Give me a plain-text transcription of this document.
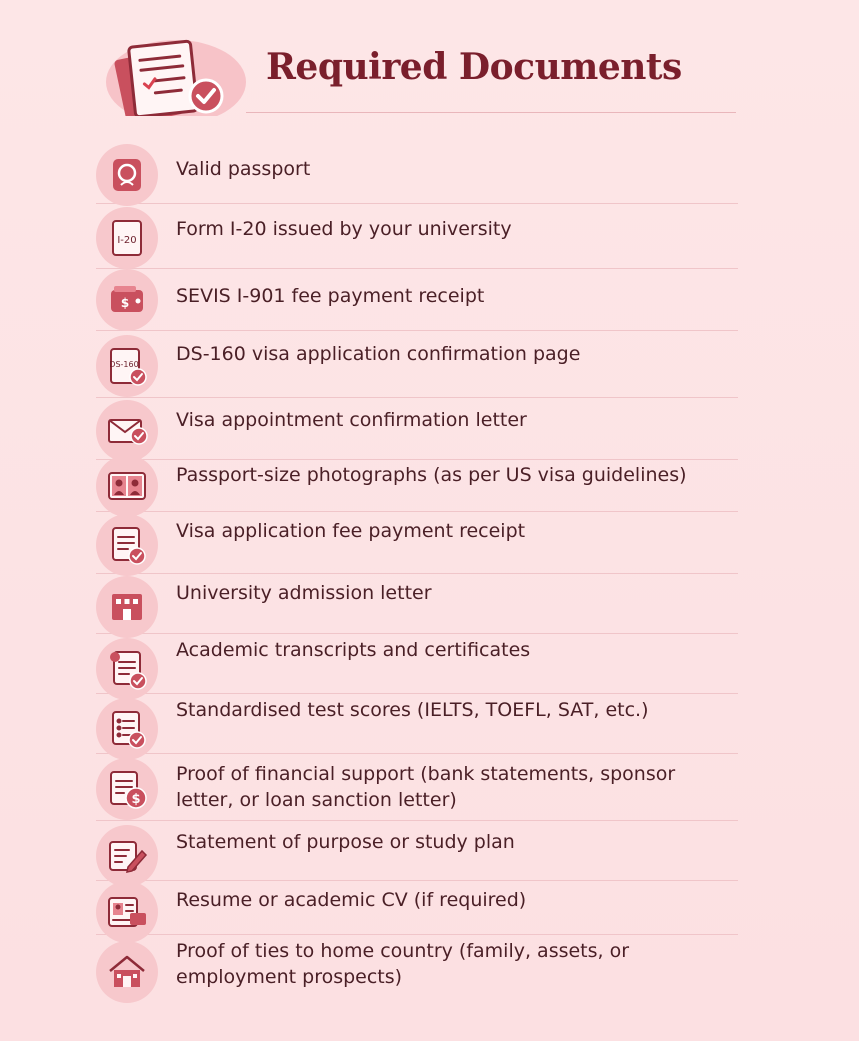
Required Documents
Valid passport
I-20
Form I-20 issued by your university
$ SEVIS I-901 fee payment receipt
DS-160 DS-160 visa application confirmation page
Visa appointment confirmation letter
Passport-size photographs (as per US visa guidelines)
Visa application fee payment receipt
University admission letter
Academic transcripts and certificates
Standardised test scores (IELTS, TOEFL, SAT, etc.)
$
Proof of financial support (bank statements, sponsor letter, or loan sanction letter)
Statement of purpose or study plan
Resume or academic CV (if required)
Proof of ties to home country (family, assets, or employment prospects)
